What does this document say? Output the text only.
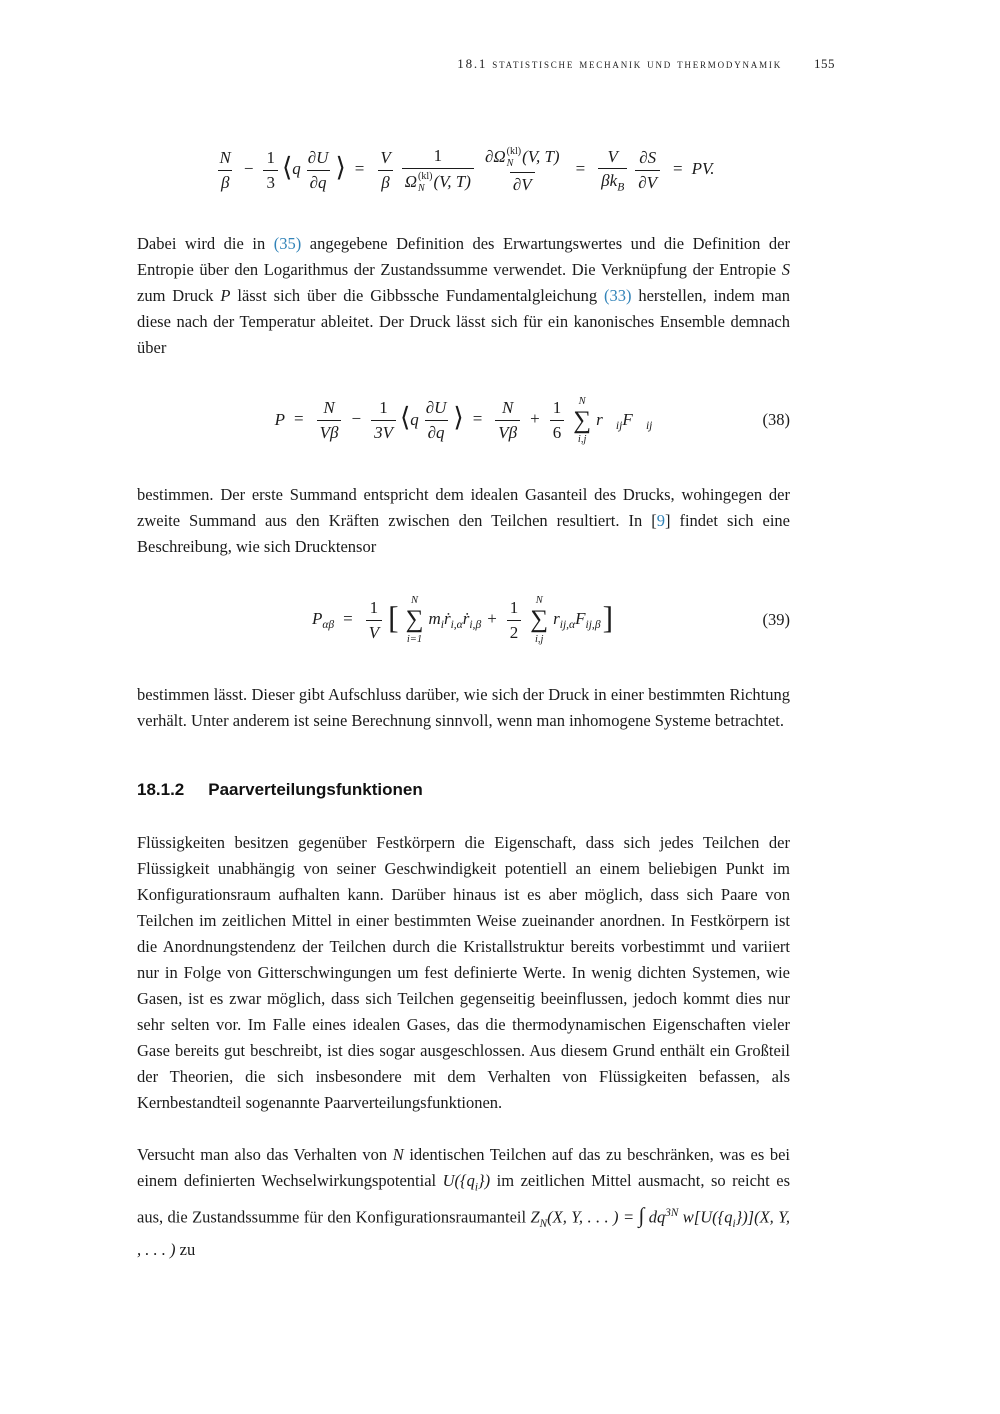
18.1 statistische mechanik und thermodynamik 155
$\frac{N}{\beta} - \frac{1}{3}$ ⟨q $\frac{\partial U}{\partial q}$ ⟩ = $\frac{V}{\beta} 1$
Ω (kl)
N (V, T) ∂Ω (kl)
N (V, T)
$\partial V = \frac{V}{\beta k_B} \frac{\partial S}{\partial V}$ = PV.

Dabei wird die in (35) angegebene Definition des Erwartungswertes und die Definition der Entropie über den Logarithmus der Zustandssumme verwendet. Die Verknüpfung der Entropie S zum Druck P lässt sich über die Gibbssche Fundamentalgleichung (33) herstellen, indem man diese nach der Temperatur ableitet. Der Druck lässt sich für ein kanonisches Ensemble demnach über

$P = \frac{N}{V\beta} - \frac{1}{3V}$ ⟨q $\frac{\partial U}{\partial q}$ ⟩ = $\frac{N}{V\beta} + \frac{1}{6}$ N
∑
i,j
$r⃗_{ij}F⃗_{ij}$	(38)

bestimmen. Der erste Summand entspricht dem idealen Gasanteil des Drucks, wohingegen der zweite Summand aus den Kräften zwischen den Teilchen resultiert. In [9] findet sich eine Beschreibung, wie sich Drucktensor

$P_{\alpha\beta} = \frac{1}{V}$ [ N
∑
i=1
$m_iṙ_{i,\alpha}ṙ_{i,\beta} + \frac{1}{2}$ N
∑
i,j
$r_{ij,\alpha}F_{ij,\beta}$]	(39)

bestimmen lässt. Dieser gibt Aufschluss darüber, wie sich der Druck in einer bestimmten Richtung verhält. Unter anderem ist seine Berechnung sinnvoll, wenn man inhomogene Systeme betrachtet.

18.1.2 Paarverteilungsfunktionen

Flüssigkeiten besitzen gegenüber Festkörpern die Eigenschaft, dass sich jedes Teilchen der Flüssigkeit unabhängig von seiner Geschwindigkeit potentiell an einem beliebigen Punkt im Konfigurationsraum aufhalten kann. Darüber hinaus ist es aber möglich, dass sich Paare von Teilchen im zeitlichen Mittel in einer bestimmten Weise zueinander anordnen. In Festkörpern ist die Anordnungstendenz der Teilchen durch die Kristallstruktur bereits vorbestimmt und variiert nur in Folge von Gitterschwingungen um fest definierte Werte. In wenig dichten Systemen, wie Gasen, ist es zwar möglich, dass sich Teilchen gegenseitig beeinflussen, jedoch kommt dies nur sehr selten vor. Im Falle eines idealen Gases, das die thermodynamischen Eigenschaften vieler Gase bereits gut beschreibt, ist dies sogar ausgeschlossen. Aus diesem Grund enthält ein Großteil der Theorien, die sich insbesondere mit dem Verhalten von Flüssigkeiten befassen, als Kernbestandteil sogenannte Paarverteilungsfunktionen.

Versucht man also das Verhalten von N identischen Teilchen auf das zu beschränken, was es bei einem definierten Wechselwirkungspotential $U(\{q_i\})$ im zeitlichen Mittel ausmacht, so reicht es aus, die Zustandssumme für den Konfigurationsraumanteil $Z_N(X$, Y, . . . ) = ∫ $dq^{3N}$ $w[U(\{q_i\})](X$, Y, , . . . ) zu
